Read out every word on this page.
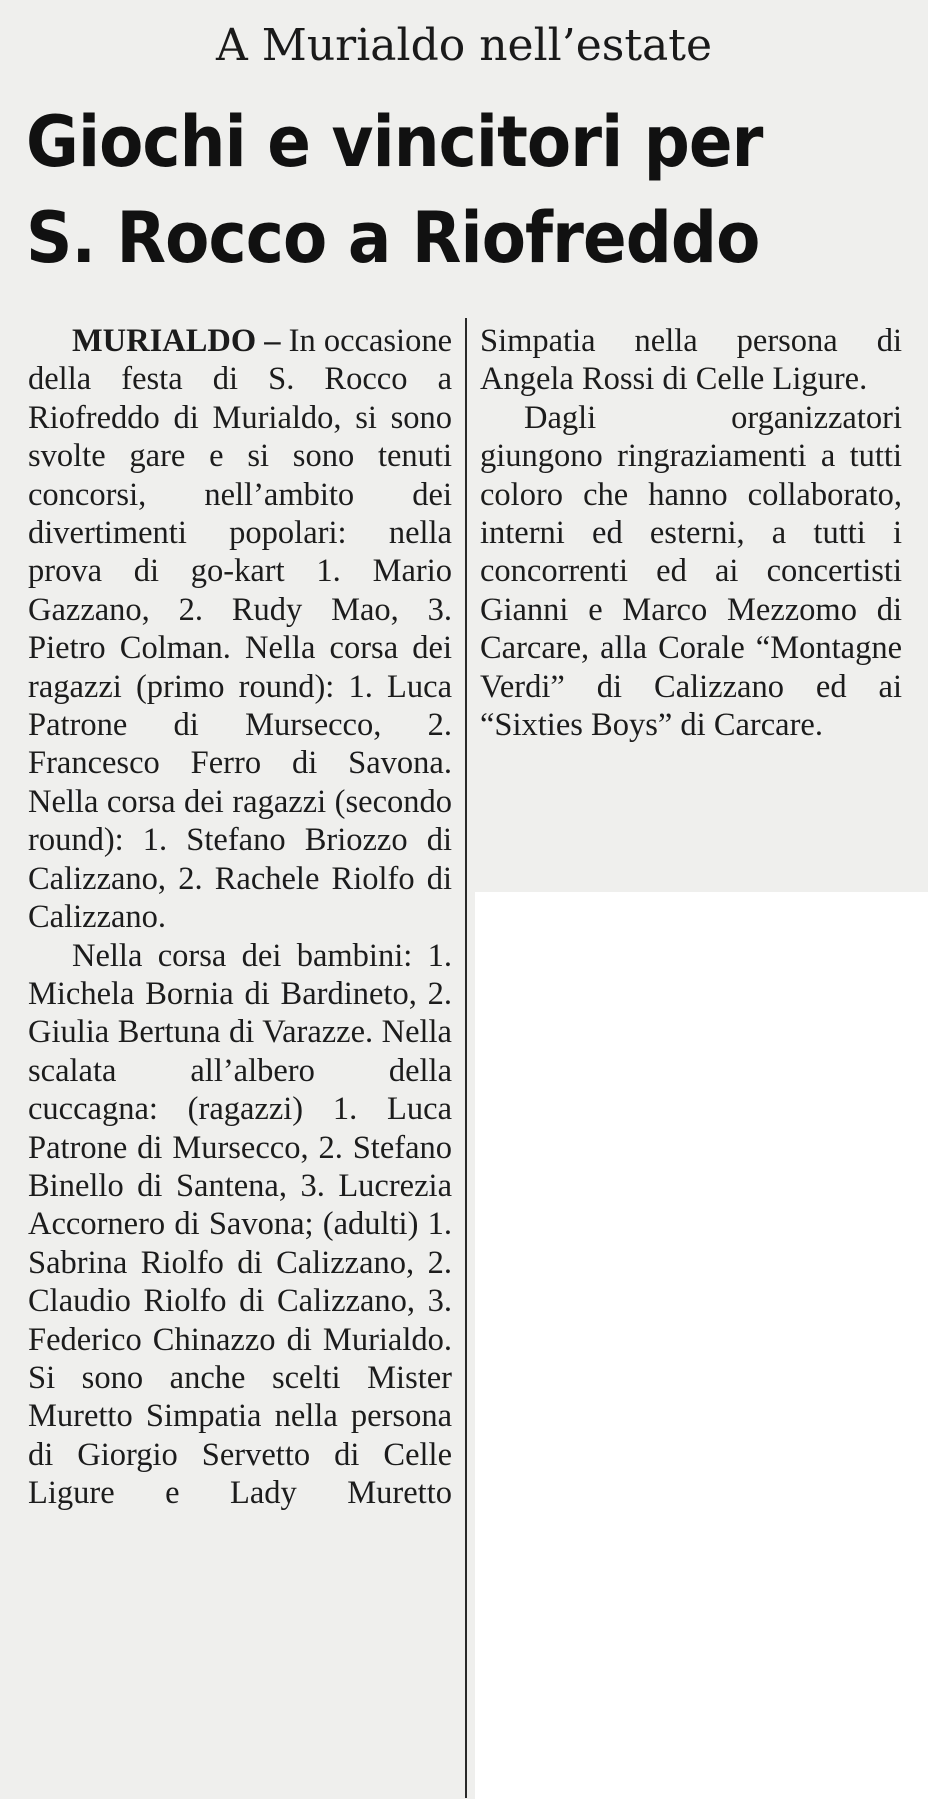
A Murialdo nell’estate
Giochi e vincitori per
S. Rocco a Riofreddo

MURIALDO – In occasione della festa di S. Rocco a Riofreddo di Murialdo, si sono svolte gare e si sono tenuti concorsi, nell’ambito dei divertimenti popolari: nella prova di go-kart 1. Mario Gazzano, 2. Rudy Mao, 3. Pietro Colman. Nella corsa dei ragazzi (primo round): 1. Luca Patrone di Mursecco, 2. Francesco Ferro di Savona. Nella corsa dei ragazzi (secondo round): 1. Stefano Briozzo di Calizzano, 2. Rachele Riolfo di Calizzano.

Nella corsa dei bambini: 1. Michela Bornia di Bardineto, 2. Giulia Bertuna di Varazze. Nella scalata all’albero della cuccagna: (ragazzi) 1. Luca Patrone di Mursecco, 2. Stefano Binello di Santena, 3. Lucrezia Accornero di Savona; (adulti) 1. Sabrina Riolfo di Calizzano, 2. Claudio Riolfo di Calizzano, 3. Federico Chinazzo di Murialdo. Si sono anche scelti Mister Muretto Simpatia nella persona di Giorgio Servetto di Celle Ligure e Lady Muretto

Simpatia nella persona di Angela Rossi di Celle Ligure.

Dagli organizzatori giungono ringraziamenti a tutti coloro che hanno collaborato, interni ed esterni, a tutti i concorrenti ed ai concertisti Gianni e Marco Mezzomo di Carcare, alla Corale “Montagne Verdi” di Calizzano ed ai “Sixties Boys” di Carcare.
